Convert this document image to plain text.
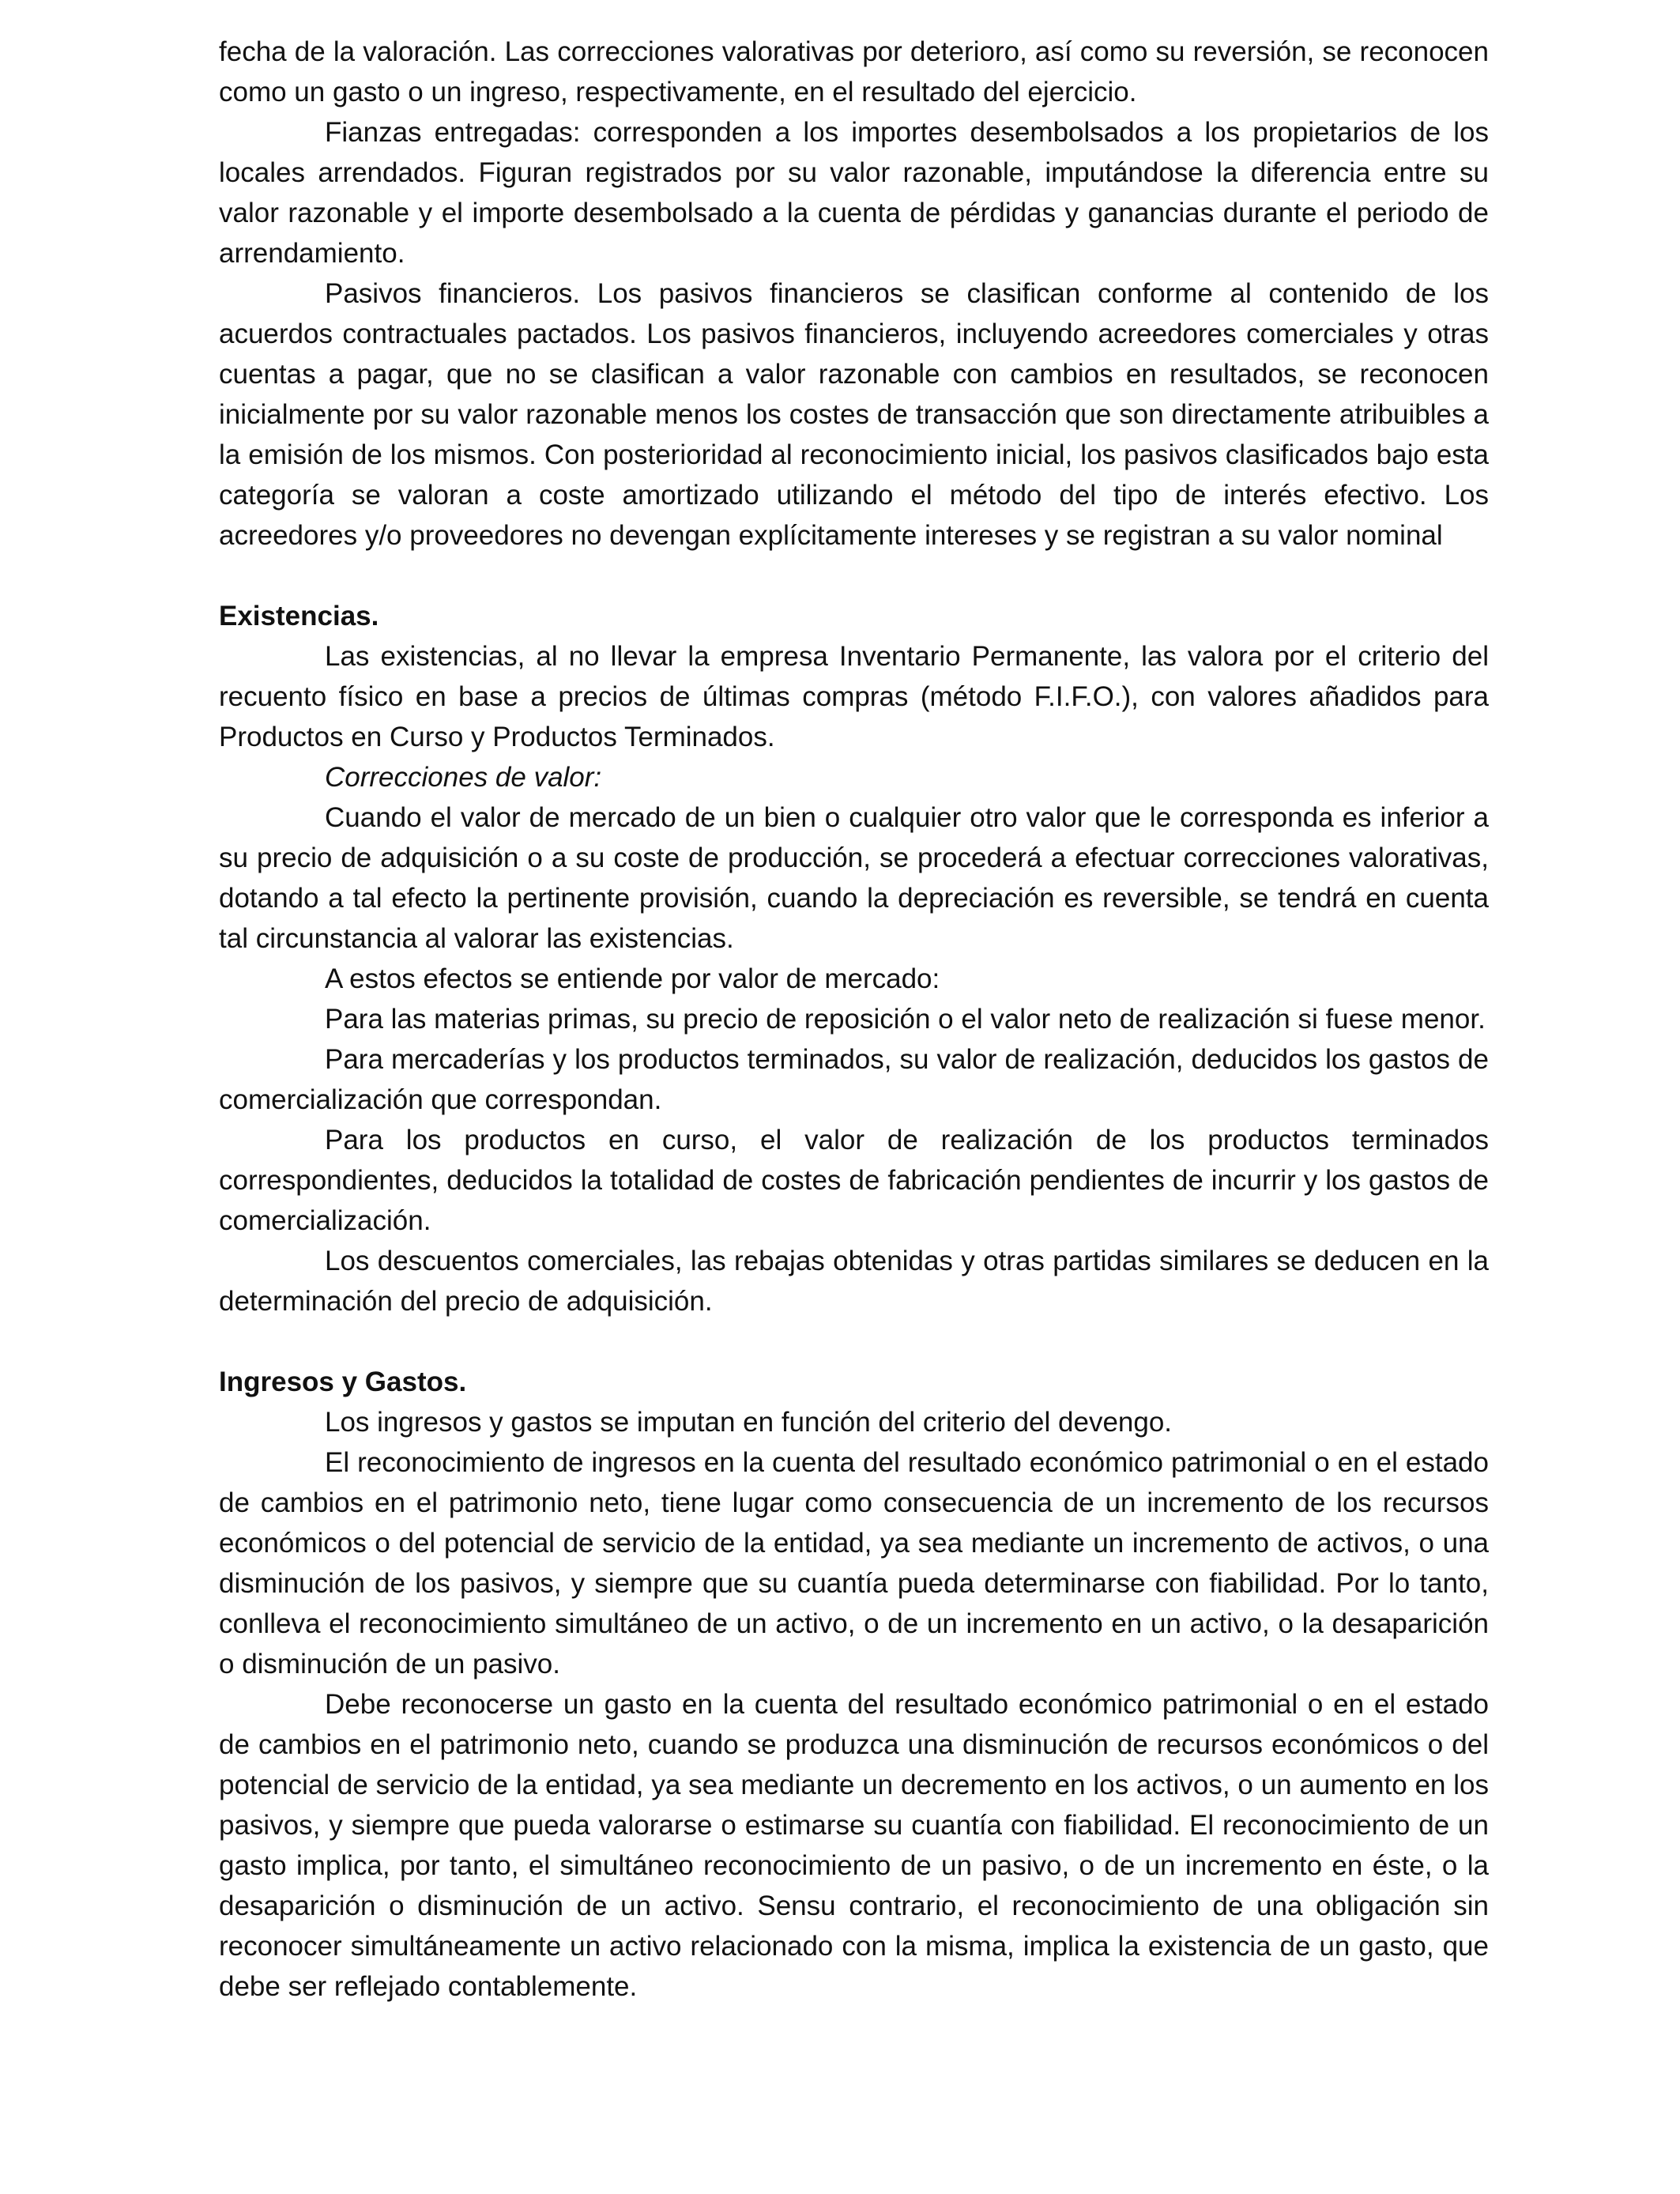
fecha de la valoración. Las correcciones valorativas por deterioro, así como su reversión, se reconocen como un gasto o un ingreso, respectivamente, en el resultado del ejercicio.

Fianzas entregadas: corresponden a los importes desembolsados a los propietarios de los locales arrendados. Figuran registrados por su valor razonable, imputándose la diferencia entre su valor razonable y el importe desembolsado a la cuenta de pérdidas y ganancias durante el periodo de arrendamiento.

Pasivos financieros. Los pasivos financieros se clasifican conforme al contenido de los acuerdos contractuales pactados. Los pasivos financieros, incluyendo acreedores comerciales y otras cuentas a pagar, que no se clasifican a valor razonable con cambios en resultados, se reconocen inicialmente por su valor razonable menos los costes de transacción que son directamente atribuibles a la emisión de los mismos. Con posterioridad al reconocimiento inicial, los pasivos clasificados bajo esta categoría se valoran a coste amortizado utilizando el método del tipo de interés efectivo. Los acreedores y/o proveedores no devengan explícitamente intereses y se registran a su valor nominal

Existencias.

Las existencias, al no llevar la empresa Inventario Permanente, las valora por el criterio del recuento físico en base a precios de últimas compras (método F.I.F.O.), con valores añadidos para Productos en Curso y Productos Terminados.

Correcciones de valor:

Cuando el valor de mercado de un bien o cualquier otro valor que le corresponda es inferior a su precio de adquisición o a su coste de producción, se procederá a efectuar correcciones valorativas, dotando a tal efecto la pertinente provisión, cuando la depreciación es reversible, se tendrá en cuenta tal circunstancia al valorar las existencias.

A estos efectos se entiende por valor de mercado:

Para las materias primas, su precio de reposición o el valor neto de realización si fuese menor.

Para mercaderías y los productos terminados, su valor de realización, deducidos los gastos de comercialización que correspondan.

Para los productos en curso, el valor de realización de los productos terminados correspondientes, deducidos la totalidad de costes de fabricación pendientes de incurrir y los gastos de comercialización.

Los descuentos comerciales, las rebajas obtenidas y otras partidas similares se deducen en la determinación del precio de adquisición.

Ingresos y Gastos.

Los ingresos y gastos se imputan en función del criterio del devengo.

El reconocimiento de ingresos en la cuenta del resultado económico patrimonial o en el estado de cambios en el patrimonio neto, tiene lugar como consecuencia de un incremento de los recursos económicos o del potencial de servicio de la entidad, ya sea mediante un incremento de activos, o una disminución de los pasivos, y siempre que su cuantía pueda determinarse con fiabilidad. Por lo tanto, conlleva el reconocimiento simultáneo de un activo, o de un incremento en un activo, o la desaparición o disminución de un pasivo.

Debe reconocerse un gasto en la cuenta del resultado económico patrimonial o en el estado de cambios en el patrimonio neto, cuando se produzca una disminución de recursos económicos o del potencial de servicio de la entidad, ya sea mediante un decremento en los activos, o un aumento en los pasivos, y siempre que pueda valorarse o estimarse su cuantía con fiabilidad. El reconocimiento de un gasto implica, por tanto, el simultáneo reconocimiento de un pasivo, o de un incremento en éste, o la desaparición o disminución de un activo. Sensu contrario, el reconocimiento de una obligación sin reconocer simultáneamente un activo relacionado con la misma, implica la existencia de un gasto, que debe ser reflejado contablemente.
